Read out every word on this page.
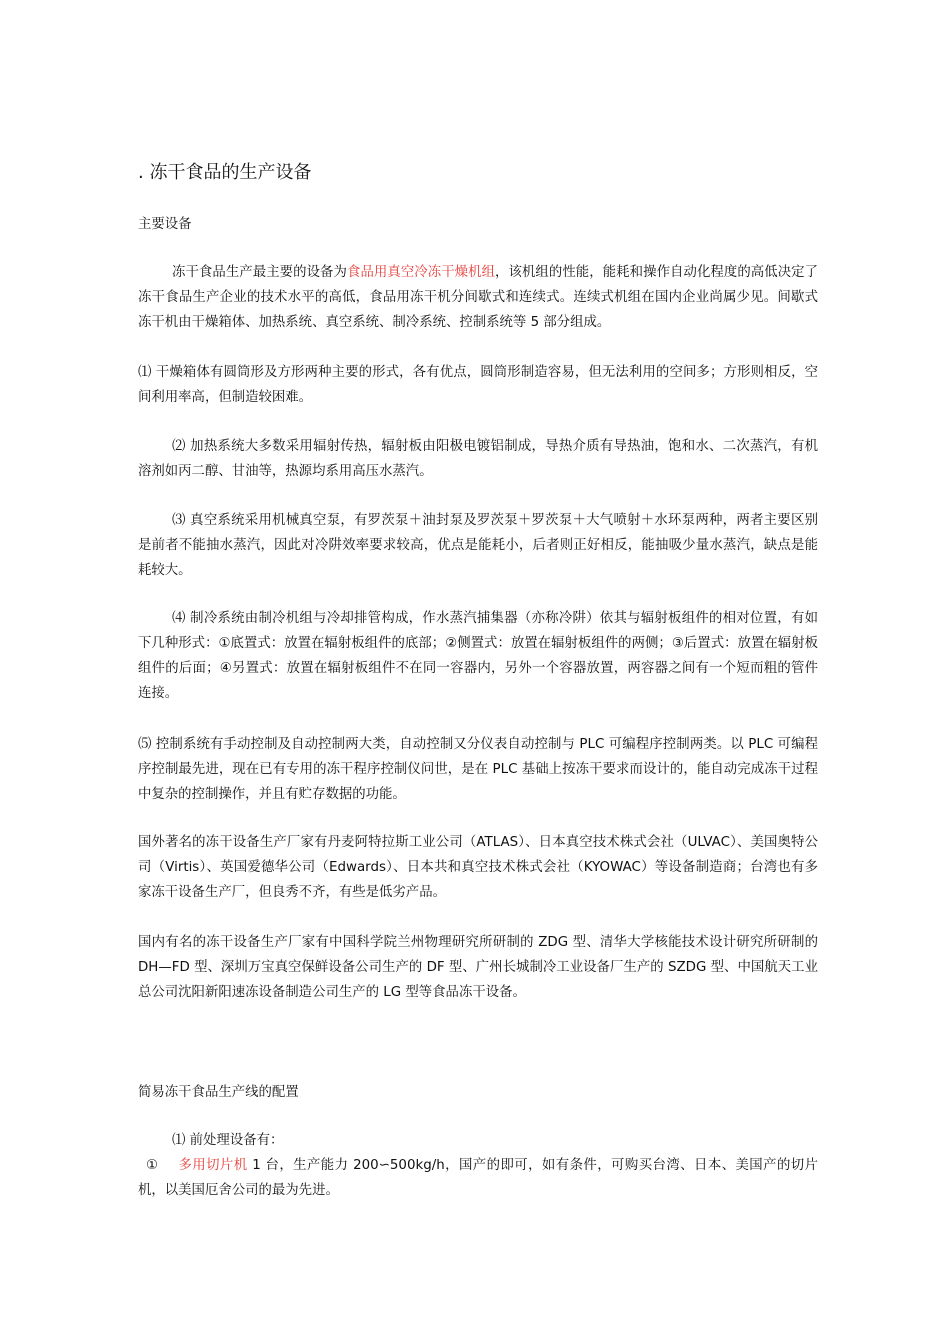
. 冻干食品的生产设备

主要设备

冻干食品生产最主要的设备为食品用真空冷冻干燥机组，该机组的性能，能耗和操作自动化程度的高低决定了冻干食品生产企业的技术水平的高低，食品用冻干机分间歇式和连续式。连续式机组在国内企业尚属少见。间歇式冻干机由干燥箱体、加热系统、真空系统、制冷系统、控制系统等 5 部分组成。

⑴ 干燥箱体有圆筒形及方形两种主要的形式，各有优点，圆筒形制造容易，但无法利用的空间多；方形则相反，空间利用率高，但制造较困难。

⑵ 加热系统大多数采用辐射传热，辐射板由阳极电镀铝制成，导热介质有导热油，饱和水、二次蒸汽，有机溶剂如丙二醇、甘油等，热源均系用高压水蒸汽。

⑶ 真空系统采用机械真空泵，有罗茨泵＋油封泵及罗茨泵＋罗茨泵＋大气喷射＋水环泵两种，两者主要区别是前者不能抽水蒸汽，因此对冷阱效率要求较高，优点是能耗小，后者则正好相反，能抽吸少量水蒸汽，缺点是能耗较大。

⑷ 制冷系统由制冷机组与冷却排管构成，作水蒸汽捕集器（亦称冷阱）依其与辐射板组件的相对位置，有如下几种形式：①底置式：放置在辐射板组件的底部；②侧置式：放置在辐射板组件的两侧；③后置式：放置在辐射板组件的后面；④另置式：放置在辐射板组件不在同一容器内，另外一个容器放置，两容器之间有一个短而粗的管件连接。

⑸ 控制系统有手动控制及自动控制两大类，自动控制又分仪表自动控制与 PLC 可编程序控制两类。以 PLC 可编程序控制最先进，现在已有专用的冻干程序控制仪问世，是在 PLC 基础上按冻干要求而设计的，能自动完成冻干过程中复杂的控制操作，并且有贮存数据的功能。

国外著名的冻干设备生产厂家有丹麦阿特拉斯工业公司（ATLAS）、日本真空技术株式会社（ULVAC）、美国奥特公司（Virtis）、英国爱德华公司（Edwards）、日本共和真空技术株式会社（KYOWAC）等设备制造商；台湾也有多家冻干设备生产厂，但良秀不齐，有些是低劣产品。

国内有名的冻干设备生产厂家有中国科学院兰州物理研究所研制的 ZDG 型、清华大学核能技术设计研究所研制的 DH—FD 型、深圳万宝真空保鲜设备公司生产的 DF 型、广州长城制冷工业设备厂生产的 SZDG 型、中国航天工业总公司沈阳新阳速冻设备制造公司生产的 LG 型等食品冻干设备。

简易冻干食品生产线的配置

⑴ 前处理设备有：

① 多用切片机 1 台，生产能力 200∽500kg/h，国产的即可，如有条件，可购买台湾、日本、美国产的切片机，以美国厄舍公司的最为先进。
